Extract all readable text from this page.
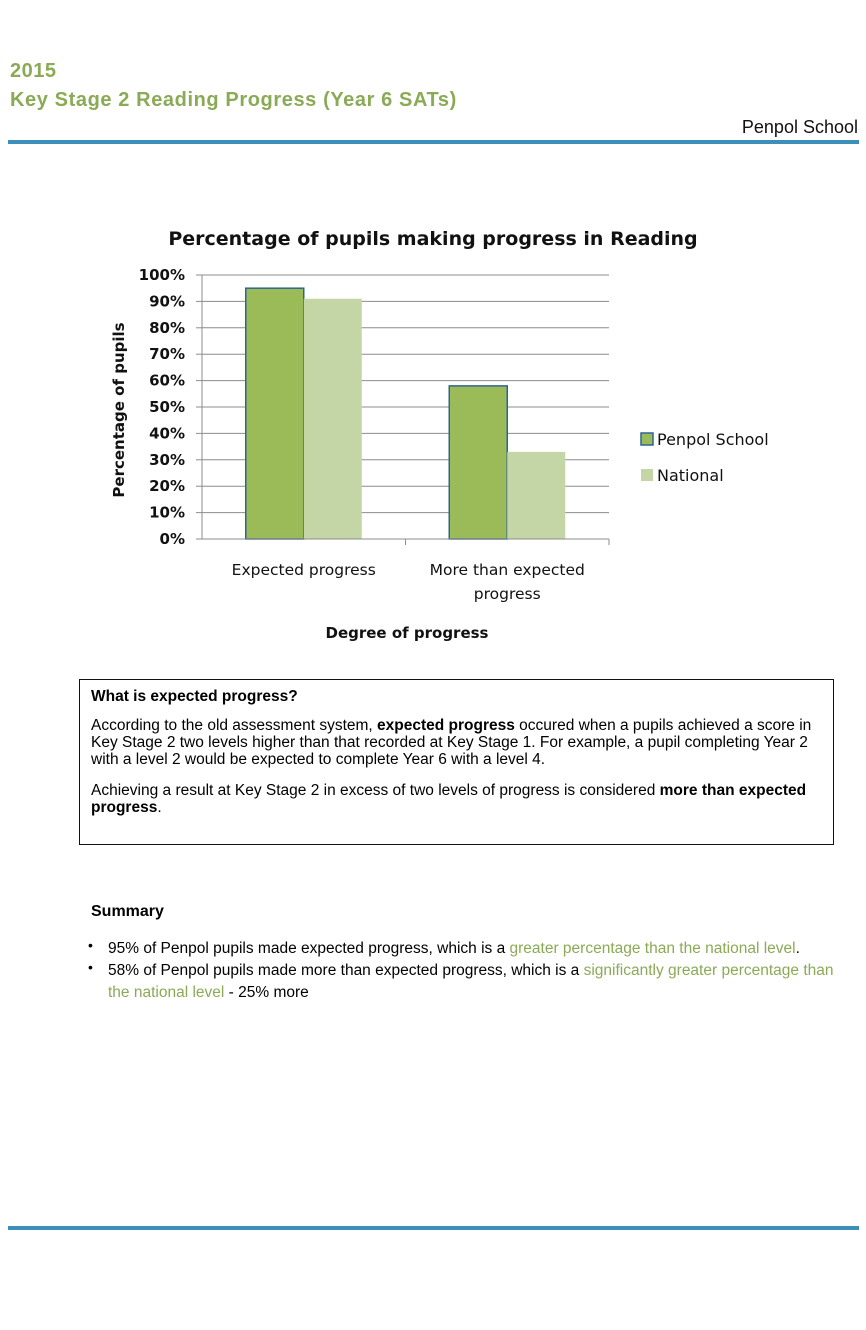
2015
Key Stage 2 Reading Progress (Year 6 SATs)
Penpol School
Percentage of pupils making progress in Reading
0%
10%
20%
30%
40%
50%
60%
70%
80%
90%
100%
Expected progress	More than expected progress
Penpol School
National
Percentage of pupils
Degree of progress
What is expected progress?

According to the old assessment system, expected progress occured when a pupils achieved a score in Key Stage 2 two levels higher than that recorded at Key Stage 1. For example, a pupil completing Year 2 with a level 2 would be expected to complete Year 6 with a level 4.

Achieving a result at Key Stage 2 in excess of two levels of progress is considered more than expected progress.

Summary
• 95% of Penpol pupils made expected progress, which is a greater percentage than the national level.
• 58% of Penpol pupils made more than expected progress, which is a significantly greater percentage than the national level - 25% more
